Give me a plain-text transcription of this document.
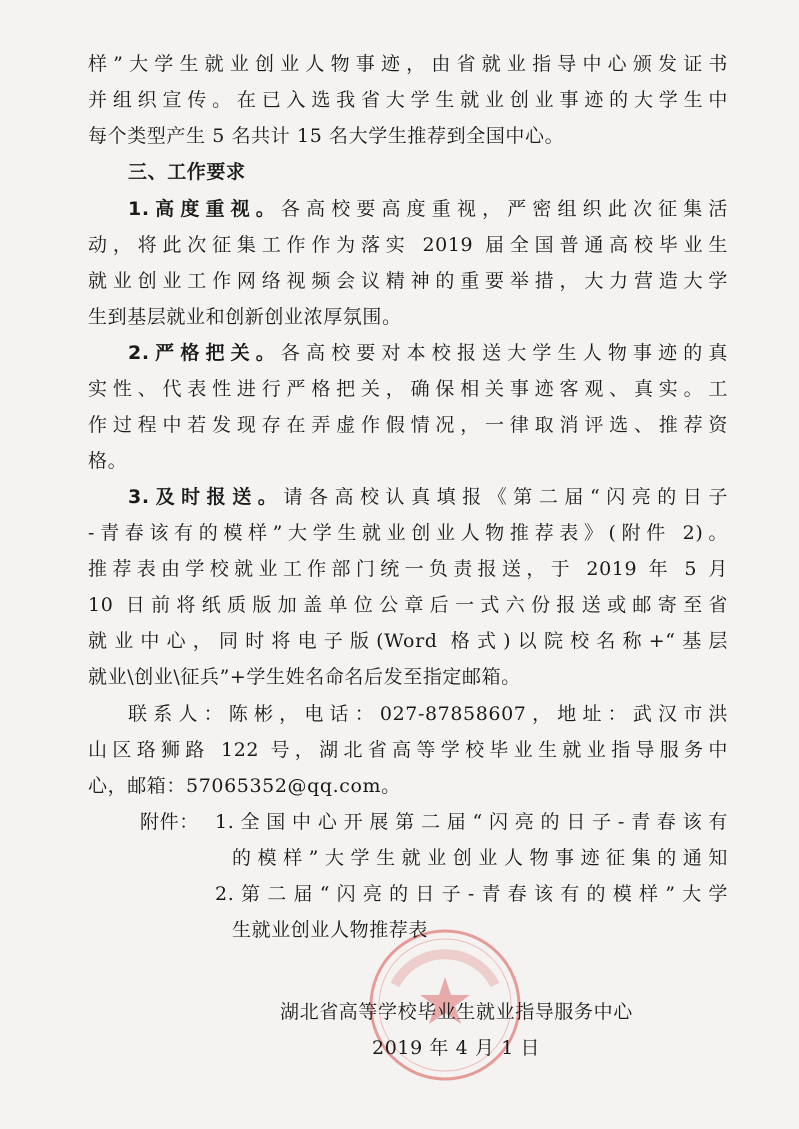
样”大学生就业创业人物事迹，由省就业指导中心颁发证书
并组织宣传。在已入选我省大学生就业创业事迹的大学生中
每个类型产生 5 名共计 15 名大学生推荐到全国中心。
三、工作要求
1.高度重视。各高校要高度重视，严密组织此次征集活
动，将此次征集工作作为落实 2019 届全国普通高校毕业生
就业创业工作网络视频会议精神的重要举措，大力营造大学
生到基层就业和创新创业浓厚氛围。
2.严格把关。各高校要对本校报送大学生人物事迹的真
实性、代表性进行严格把关，确保相关事迹客观、真实。工
作过程中若发现存在弄虚作假情况，一律取消评选、推荐资
格。
3.及时报送。请各高校认真填报《第二届“闪亮的日子
-青春该有的模样”大学生就业创业人物推荐表》(附件 2)。
推荐表由学校就业工作部门统一负责报送，于 2019 年 5 月
10 日前将纸质版加盖单位公章后一式六份报送或邮寄至省
就业中心，同时将电子版(Word 格式)以院校名称+“基层
就业\创业\征兵”+学生姓名命名后发至指定邮箱。
联系人：陈彬，电话：027-87858607，地址：武汉市洪
山区珞狮路 122 号，湖北省高等学校毕业生就业指导服务中
心，邮箱：57065352@qq.com。
附件： 1.全国中心开展第二届“闪亮的日子-青春该有
的模样”大学生就业创业人物事迹征集的通知
2.第二届“闪亮的日子-青春该有的模样”大学
生就业创业人物推荐表
湖北省高等学校毕业生就业指导服务中心
2019 年 4 月 1 日
